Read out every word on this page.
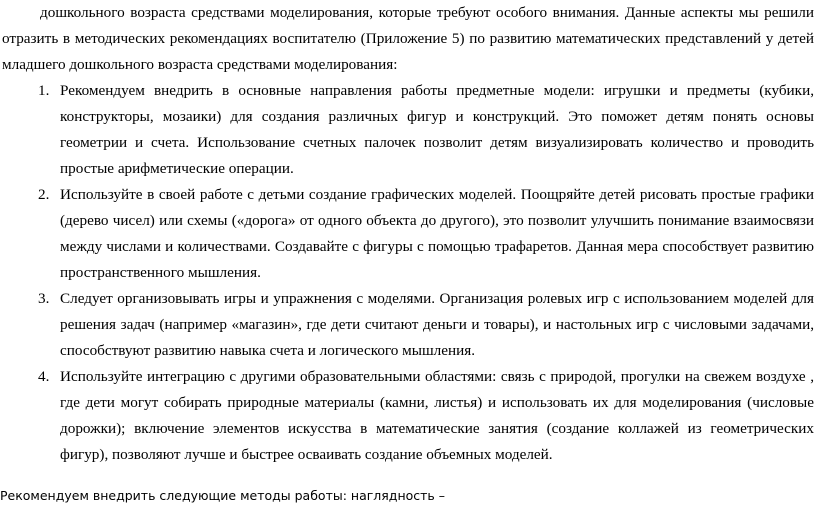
дошкольного возраста средствами моделирования, которые требуют особого внимания. Данные аспекты мы решили отразить в методических рекомендациях воспитателю (Приложение 5) по развитию математических представлений у детей младшего дошкольного возраста средствами моделирования:

1. Рекомендуем внедрить в основные направления работы предметные модели: игрушки и предметы (кубики, конструкторы, мозаики) для создания различных фигур и конструкций. Это поможет детям понять основы геометрии и счета. Использование счетных палочек позволит детям визуализировать количество и проводить простые арифметические операции.
2. Используйте в своей работе с детьми создание графических моделей. Поощряйте детей рисовать простые графики (дерево чисел) или схемы («дорога» от одного объекта до другого), это позволит улучшить понимание взаимосвязи между числами и количествами. Создавайте с фигуры с помощью трафаретов. Данная мера способствует развитию пространственного мышления.
3. Следует организовывать игры и упражнения с моделями. Организация ролевых игр с использованием моделей для решения задач (например «магазин», где дети считают деньги и товары), и настольных игр с числовыми задачами, способствуют развитию навыка счета и логического мышления.
4. Используйте интеграцию с другими образовательными областями: связь с природой, прогулки на свежем воздухе , где дети могут собирать природные материалы (камни, листья) и использовать их для моделирования (числовые дорожки); включение элементов искусства в математические занятия (создание коллажей из геометрических фигур), позволяют лучше и быстрее осваивать создание объемных моделей.
Рекомендуем внедрить следующие методы работы: наглядность –
